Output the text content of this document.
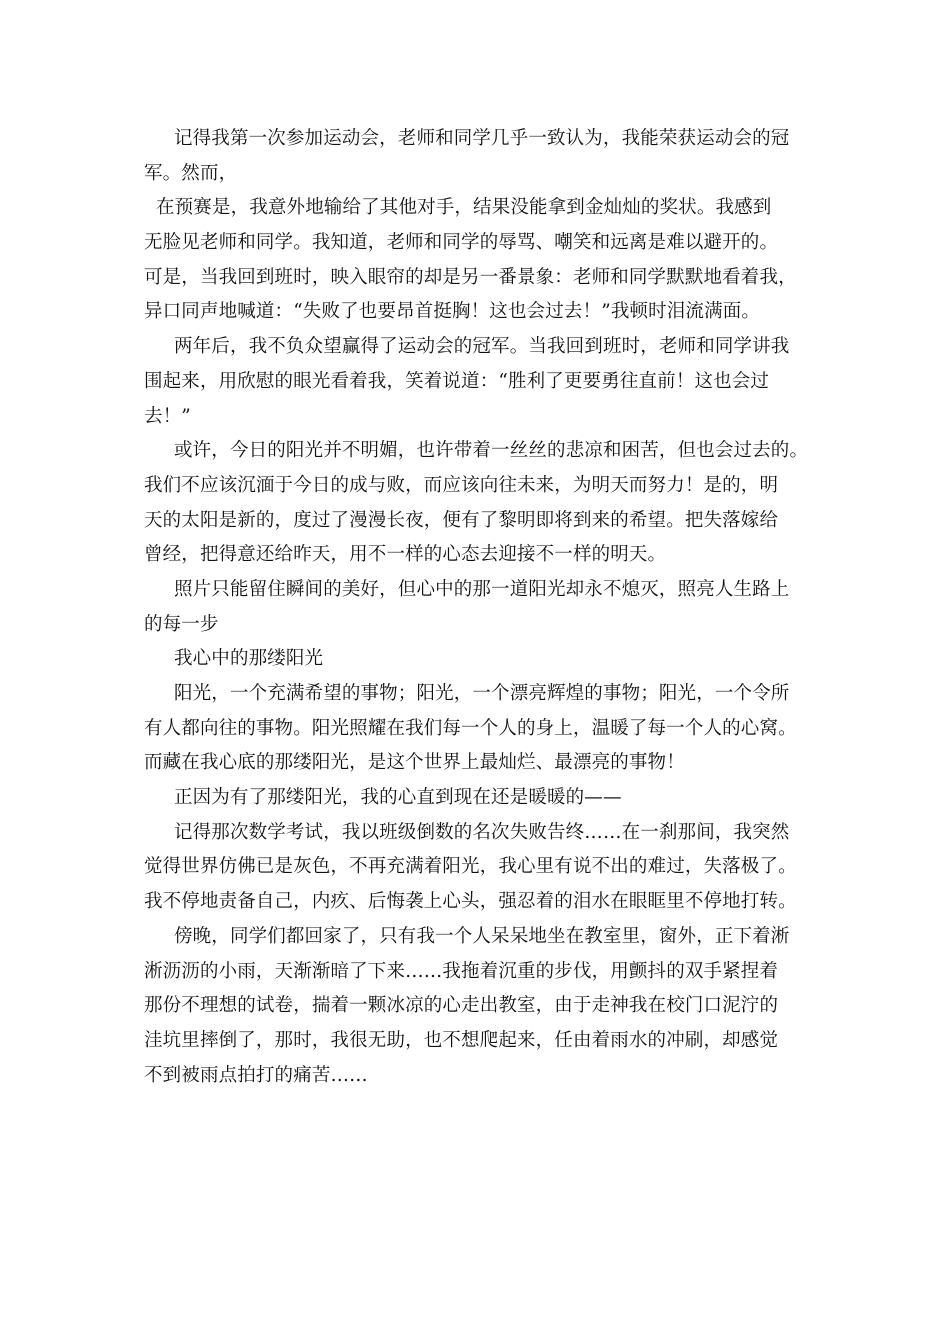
记得我第一次参加运动会，老师和同学几乎一致认为，我能荣获运动会的冠
军。然而，
在预赛是，我意外地输给了其他对手，结果没能拿到金灿灿的奖状。我感到
无脸见老师和同学。我知道，老师和同学的辱骂、嘲笑和远离是难以避开的。
可是，当我回到班时，映入眼帘的却是另一番景象：老师和同学默默地看着我，
异口同声地喊道：“失败了也要昂首挺胸！这也会过去！”我顿时泪流满面。
两年后，我不负众望赢得了运动会的冠军。当我回到班时，老师和同学讲我
围起来，用欣慰的眼光看着我，笑着说道：“胜利了更要勇往直前！这也会过
去！”
或许，今日的阳光并不明媚，也许带着一丝丝的悲凉和困苦，但也会过去的。
我们不应该沉湎于今日的成与败，而应该向往未来，为明天而努力！是的，明
天的太阳是新的，度过了漫漫长夜，便有了黎明即将到来的希望。把失落嫁给
曾经，把得意还给昨天，用不一样的心态去迎接不一样的明天。
照片只能留住瞬间的美好，但心中的那一道阳光却永不熄灭，照亮人生路上
的每一步
我心中的那缕阳光
阳光，一个充满希望的事物；阳光，一个漂亮辉煌的事物；阳光，一个令所
有人都向往的事物。阳光照耀在我们每一个人的身上，温暖了每一个人的心窝。
而藏在我心底的那缕阳光，是这个世界上最灿烂、最漂亮的事物！
正因为有了那缕阳光，我的心直到现在还是暖暖的——
记得那次数学考试，我以班级倒数的名次失败告终……在一刹那间，我突然
觉得世界仿佛已是灰色，不再充满着阳光，我心里有说不出的难过，失落极了。
我不停地责备自己，内疚、后悔袭上心头，强忍着的泪水在眼眶里不停地打转。
傍晚，同学们都回家了，只有我一个人呆呆地坐在教室里，窗外，正下着淅
淅沥沥的小雨，天渐渐暗了下来……我拖着沉重的步伐，用颤抖的双手紧捏着
那份不理想的试卷，揣着一颗冰凉的心走出教室，由于走神我在校门口泥泞的
洼坑里摔倒了，那时，我很无助，也不想爬起来，任由着雨水的冲刷，却感觉
不到被雨点拍打的痛苦……
